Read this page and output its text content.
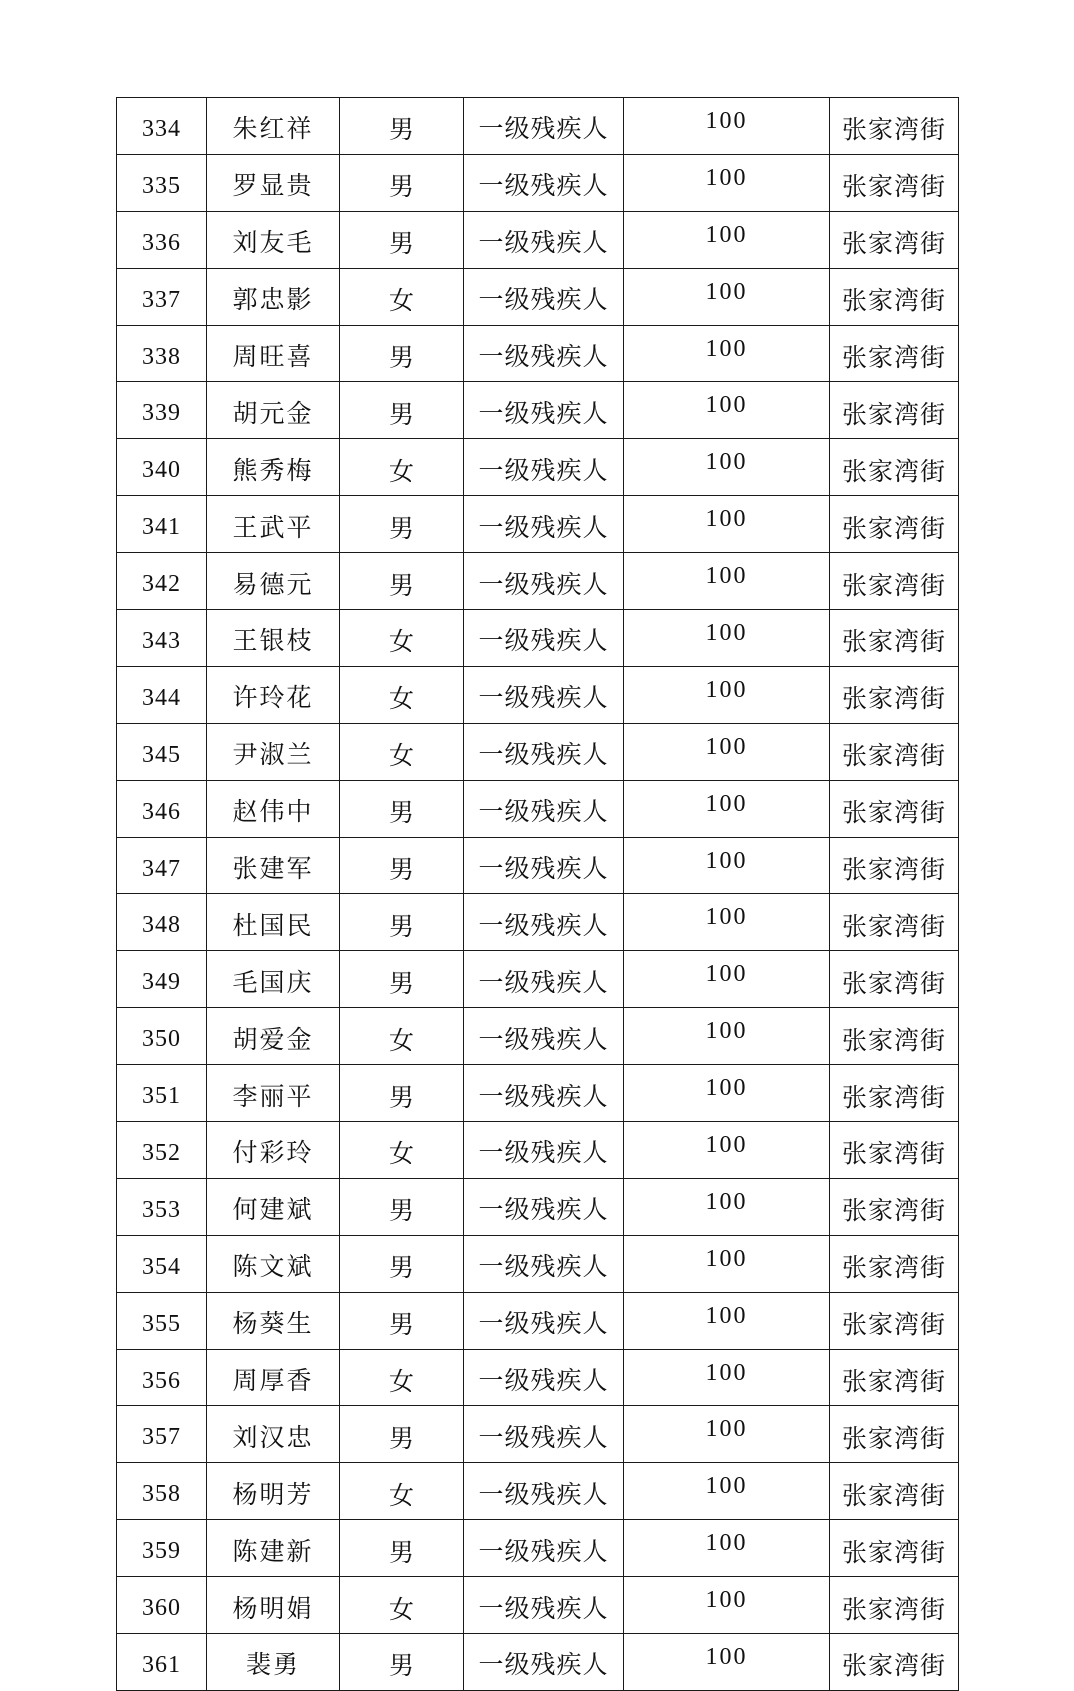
334	朱红祥	男	一级残疾人	100	张家湾街
335	罗显贵	男	一级残疾人	100	张家湾街
336	刘友毛	男	一级残疾人	100	张家湾街
337	郭忠影	女	一级残疾人	100	张家湾街
338	周旺喜	男	一级残疾人	100	张家湾街
339	胡元金	男	一级残疾人	100	张家湾街
340	熊秀梅	女	一级残疾人	100	张家湾街
341	王武平	男	一级残疾人	100	张家湾街
342	易德元	男	一级残疾人	100	张家湾街
343	王银枝	女	一级残疾人	100	张家湾街
344	许玲花	女	一级残疾人	100	张家湾街
345	尹淑兰	女	一级残疾人	100	张家湾街
346	赵伟中	男	一级残疾人	100	张家湾街
347	张建军	男	一级残疾人	100	张家湾街
348	杜国民	男	一级残疾人	100	张家湾街
349	毛国庆	男	一级残疾人	100	张家湾街
350	胡爱金	女	一级残疾人	100	张家湾街
351	李丽平	男	一级残疾人	100	张家湾街
352	付彩玲	女	一级残疾人	100	张家湾街
353	何建斌	男	一级残疾人	100	张家湾街
354	陈文斌	男	一级残疾人	100	张家湾街
355	杨葵生	男	一级残疾人	100	张家湾街
356	周厚香	女	一级残疾人	100	张家湾街
357	刘汉忠	男	一级残疾人	100	张家湾街
358	杨明芳	女	一级残疾人	100	张家湾街
359	陈建新	男	一级残疾人	100	张家湾街
360	杨明娟	女	一级残疾人	100	张家湾街
361	裴勇	男	一级残疾人	100	张家湾街
